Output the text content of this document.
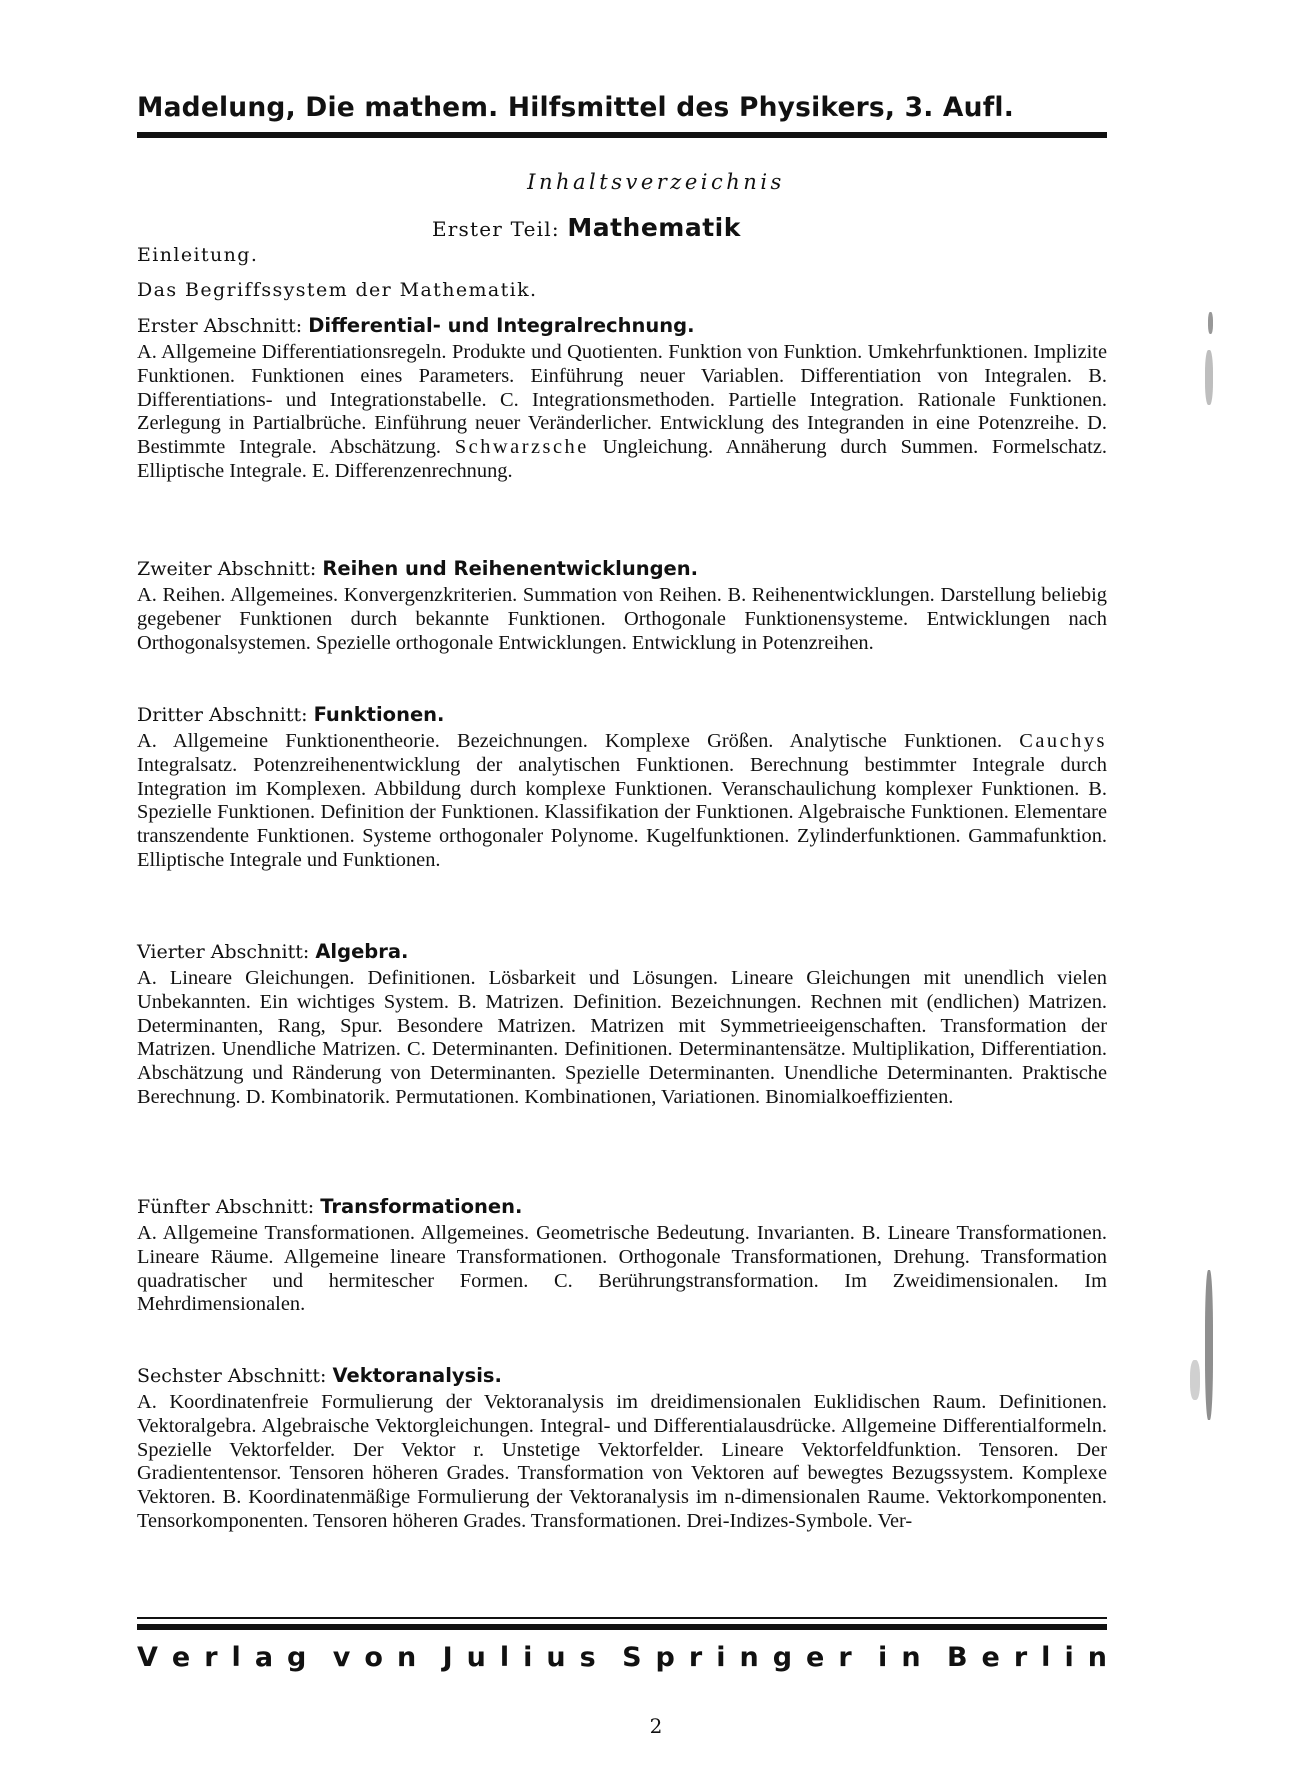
Madelung, Die mathem. Hilfsmittel des Physikers, 3. Aufl.
Inhaltsverzeichnis
Erster Teil: Mathematik
Einleitung.
Das Begriffssystem der Mathematik.
Erster Abschnitt: Differential- und Integralrechnung.
A. Allgemeine Differentiationsregeln. Produkte und Quotienten. Funktion von Funktion. Umkehrfunktionen. Implizite Funktionen. Funktionen eines Parameters. Einführung neuer Variablen. Differentiation von Integralen. B. Differentiations- und Integrationstabelle. C. Integrationsmethoden. Partielle Integration. Rationale Funktionen. Zerlegung in Partialbrüche. Einführung neuer Veränderlicher. Entwicklung des Integranden in eine Potenzreihe. D. Bestimmte Integrale. Abschätzung. Schwarzsche Ungleichung. Annäherung durch Summen. Formelschatz. Elliptische Integrale. E. Differenzenrechnung.
Zweiter Abschnitt: Reihen und Reihenentwicklungen.
A. Reihen. Allgemeines. Konvergenzkriterien. Summation von Reihen. B. Reihenentwicklungen. Darstellung beliebig gegebener Funktionen durch bekannte Funktionen. Orthogonale Funktionensysteme. Entwicklungen nach Orthogonalsystemen. Spezielle orthogonale Entwicklungen. Entwicklung in Potenzreihen.
Dritter Abschnitt: Funktionen.
A. Allgemeine Funktionentheorie. Bezeichnungen. Komplexe Größen. Analytische Funktionen. Cauchys Integralsatz. Potenzreihenentwicklung der analytischen Funktionen. Berechnung bestimmter Integrale durch Integration im Komplexen. Abbildung durch komplexe Funktionen. Veranschaulichung komplexer Funktionen. B. Spezielle Funktionen. Definition der Funktionen. Klassifikation der Funktionen. Algebraische Funktionen. Elementare transzendente Funktionen. Systeme orthogonaler Polynome. Kugelfunktionen. Zylinderfunktionen. Gammafunktion. Elliptische Integrale und Funktionen.
Vierter Abschnitt: Algebra.
A. Lineare Gleichungen. Definitionen. Lösbarkeit und Lösungen. Lineare Gleichungen mit unendlich vielen Unbekannten. Ein wichtiges System. B. Matrizen. Definition. Bezeichnungen. Rechnen mit (endlichen) Matrizen. Determinanten, Rang, Spur. Besondere Matrizen. Matrizen mit Symmetrieeigenschaften. Transformation der Matrizen. Unendliche Matrizen. C. Determinanten. Definitionen. Determinantensätze. Multiplikation, Differentiation. Abschätzung und Ränderung von Determinanten. Spezielle Determinanten. Unendliche Determinanten. Praktische Berechnung. D. Kombinatorik. Permutationen. Kombinationen, Variationen. Binomialkoeffizienten.
Fünfter Abschnitt: Transformationen.
A. Allgemeine Transformationen. Allgemeines. Geometrische Bedeutung. Invarianten. B. Lineare Transformationen. Lineare Räume. Allgemeine lineare Transformationen. Orthogonale Transformationen, Drehung. Transformation quadratischer und hermitescher Formen. C. Berührungstransformation. Im Zweidimensionalen. Im Mehrdimensionalen.
Sechster Abschnitt: Vektoranalysis.
A. Koordinatenfreie Formulierung der Vektoranalysis im dreidimensionalen Euklidischen Raum. Definitionen. Vektoralgebra. Algebraische Vektorgleichungen. Integral- und Differentialausdrücke. Allgemeine Differentialformeln. Spezielle Vektorfelder. Der Vektor r. Unstetige Vektorfelder. Lineare Vektorfeldfunktion. Tensoren. Der Gradiententensor. Tensoren höheren Grades. Transformation von Vektoren auf bewegtes Bezugssystem. Komplexe Vektoren. B. Koordinatenmäßige Formulierung der Vektoranalysis im n-dimensionalen Raume. Vektorkomponenten. Tensorkomponenten. Tensoren höheren Grades. Transformationen. Drei-Indizes-Symbole. Ver-
V e r l a g v o n J u l i u s S p r i n g e r i n B e r l i n
2
